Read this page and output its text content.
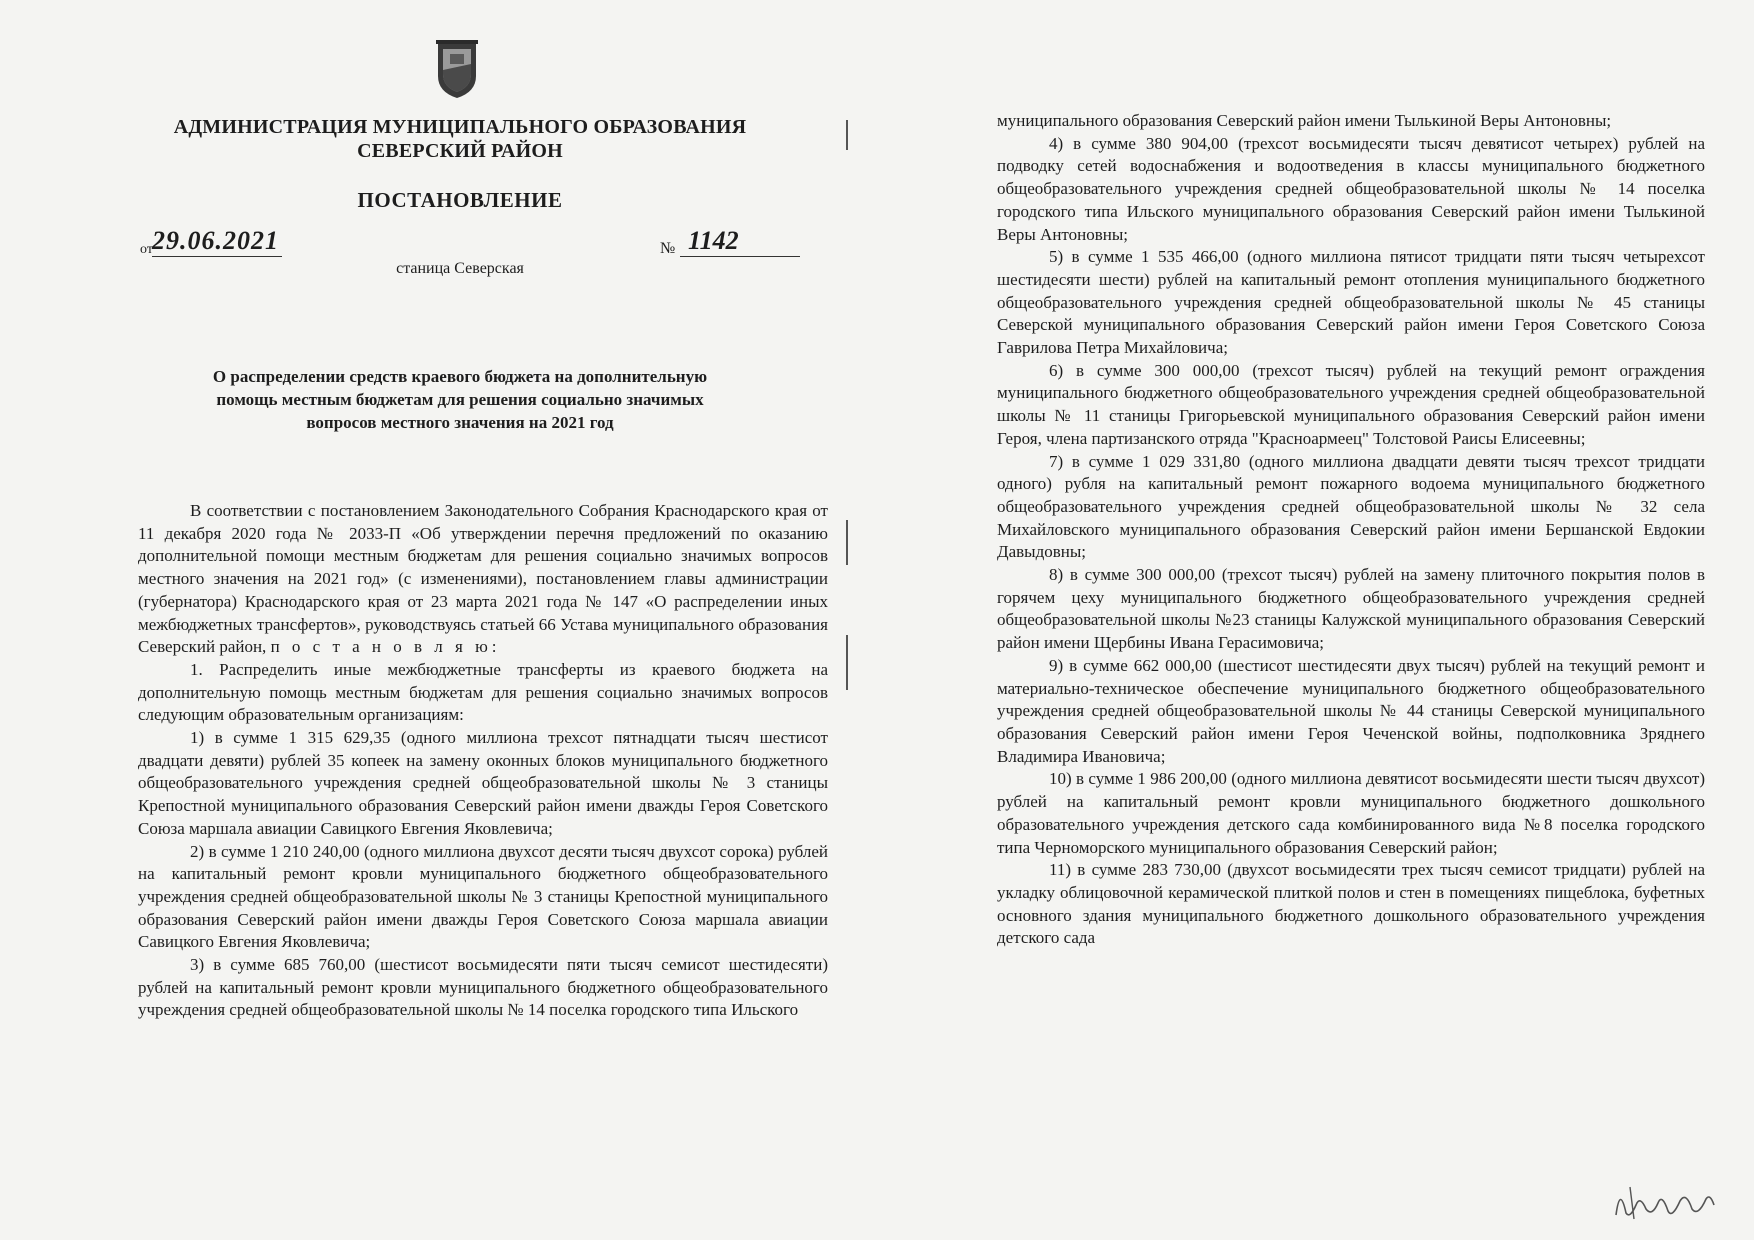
АДМИНИСТРАЦИЯ МУНИЦИПАЛЬНОГО ОБРАЗОВАНИЯ
СЕВЕРСКИЙ РАЙОН
ПОСТАНОВЛЕНИЕ
от 29.06.2021	№ 1142
станица Северская
О распределении средств краевого бюджета на дополнительную
помощь местным бюджетам для решения социально значимых
вопросов местного значения на 2021 год

В соответствии с постановлением Законодательного Собрания Краснодарского края от 11 декабря 2020 года № 2033-П «Об утверждении перечня предложений по оказанию дополнительной помощи местным бюджетам для решения социально значимых вопросов местного значения на 2021 год» (с изменениями), постановлением главы администрации (губернатора) Краснодарского края от 23 марта 2021 года № 147 «О распределении иных межбюджетных трансфертов», руководствуясь статьей 66 Устава муниципального образования Северский район, п о с т а н о в л я ю:

1. Распределить иные межбюджетные трансферты из краевого бюджета на дополнительную помощь местным бюджетам для решения социально значимых вопросов следующим образовательным организациям:

1) в сумме 1 315 629,35 (одного миллиона трехсот пятнадцати тысяч шестисот двадцати девяти) рублей 35 копеек на замену оконных блоков муниципального бюджетного общеобразовательного учреждения средней общеобразовательной школы № 3 станицы Крепостной муниципального образования Северский район имени дважды Героя Советского Союза маршала авиации Савицкого Евгения Яковлевича;

2) в сумме 1 210 240,00 (одного миллиона двухсот десяти тысяч двухсот сорока) рублей на капитальный ремонт кровли муниципального бюджетного общеобразовательного учреждения средней общеобразовательной школы № 3 станицы Крепостной муниципального образования Северский район имени дважды Героя Советского Союза маршала авиации Савицкого Евгения Яковлевича;

3) в сумме 685 760,00 (шестисот восьмидесяти пяти тысяч семисот шестидесяти) рублей на капитальный ремонт кровли муниципального бюджетного общеобразовательного учреждения средней общеобразовательной школы № 14 поселка городского типа Ильского

муниципального образования Северский район имени Тылькиной Веры Антоновны;

4) в сумме 380 904,00 (трехсот восьмидесяти тысяч девятисот четырех) рублей на подводку сетей водоснабжения и водоотведения в классы муниципального бюджетного общеобразовательного учреждения средней общеобразовательной школы № 14 поселка городского типа Ильского муниципального образования Северский район имени Тылькиной Веры Антоновны;

5) в сумме 1 535 466,00 (одного миллиона пятисот тридцати пяти тысяч четырехсот шестидесяти шести) рублей на капитальный ремонт отопления муниципального бюджетного общеобразовательного учреждения средней общеобразовательной школы № 45 станицы Северской муниципального образования Северский район имени Героя Советского Союза Гаврилова Петра Михайловича;

6) в сумме 300 000,00 (трехсот тысяч) рублей на текущий ремонт ограждения муниципального бюджетного общеобразовательного учреждения средней общеобразовательной школы № 11 станицы Григорьевской муниципального образования Северский район имени Героя, члена партизанского отряда "Красноармеец" Толстовой Раисы Елисеевны;

7) в сумме 1 029 331,80 (одного миллиона двадцати девяти тысяч трехсот тридцати одного) рубля на капитальный ремонт пожарного водоема муниципального бюджетного общеобразовательного учреждения средней общеобразовательной школы № 32 села Михайловского муниципального образования Северский район имени Бершанской Евдокии Давыдовны;

8) в сумме 300 000,00 (трехсот тысяч) рублей на замену плиточного покрытия полов в горячем цеху муниципального бюджетного общеобразовательного учреждения средней общеобразовательной школы №23 станицы Калужской муниципального образования Северский район имени Щербины Ивана Герасимовича;

9) в сумме 662 000,00 (шестисот шестидесяти двух тысяч) рублей на текущий ремонт и материально-техническое обеспечение муниципального бюджетного общеобразовательного учреждения средней общеобразовательной школы № 44 станицы Северской муниципального образования Северский район имени Героя Чеченской войны, подполковника Зряднего Владимира Ивановича;

10) в сумме 1 986 200,00 (одного миллиона девятисот восьмидесяти шести тысяч двухсот) рублей на капитальный ремонт кровли муниципального бюджетного дошкольного образовательного учреждения детского сада комбинированного вида №8 поселка городского типа Черноморского муниципального образования Северский район;

11) в сумме 283 730,00 (двухсот восьмидесяти трех тысяч семисот тридцати) рублей на укладку облицовочной керамической плиткой полов и стен в помещениях пищеблока, буфетных основного здания муниципального бюджетного дошкольного образовательного учреждения детского сада
